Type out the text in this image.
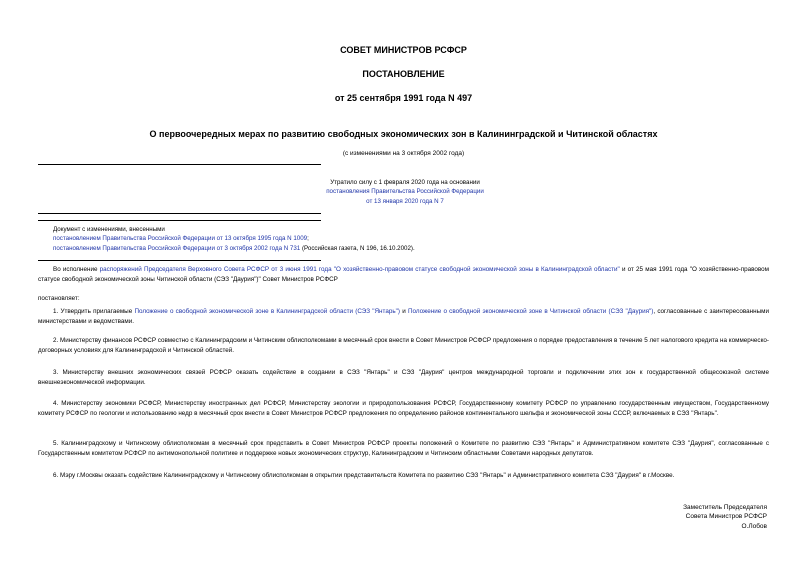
СОВЕТ МИНИСТРОВ РСФСР
ПОСТАНОВЛЕНИЕ
от 25 сентября 1991 года N 497
О первоочередных мерах по развитию свободных экономических зон в Калининградской и Читинской областях
(с изменениями на 3 октября 2002 года)
Утратило силу с 1 февраля 2020 года на основании
постановления Правительства Российской Федерации
от 13 января 2020 года N 7
Документ с изменениями, внесенными
постановлением Правительства Российской Федерации от 13 октября 1995 года N 1009;
постановлением Правительства Российской Федерации от 3 октября 2002 года N 731 (Российская газета, N 196, 16.10.2002).

Во исполнение распоряжений Председателя Верховного Совета РСФСР от 3 июня 1991 года "О хозяйственно-правовом статусе свободной экономической зоны в Калининградской области" и от 25 мая 1991 года "О хозяйственно-правовом статусе свободной экономической зоны Читинской области (СЭЗ "Даурия")" Совет Министров РСФСР

постановляет:

1. Утвердить прилагаемые Положение о свободной экономической зоне в Калининградской области (СЭЗ "Янтарь") и Положение о свободной экономической зоне в Читинской области (СЭЗ "Даурия"), согласованные с заинтересованными министерствами и ведомствами.

2. Министерству финансов РСФСР совместно с Калининградским и Читинским облисполкомами в месячный срок внести в Совет Министров РСФСР предложения о порядке предоставления в течение 5 лет налогового кредита на коммерческо-договорных условиях для Калининградской и Читинской областей.

3. Министерству внешних экономических связей РСФСР оказать содействие в создании в СЭЗ "Янтарь" и СЭЗ "Даурия" центров международной торговли и подключении этих зон к государственной общесоюзной системе внешнеэкономической информации.

4. Министерству экономики РСФСР, Министерству иностранных дел РСФСР, Министерству экологии и природопользования РСФСР, Государственному комитету РСФСР по управлению государственным имуществом, Государственному комитету РСФСР по геологии и использованию недр в месячный срок внести в Совет Министров РСФСР предложения по определению районов континентального шельфа и экономической зоны СССР, включаемых в СЭЗ "Янтарь".

5. Калининградскому и Читинскому облисполкомам в месячный срок представить в Совет Министров РСФСР проекты положений о Комитете по развитию СЭЗ "Янтарь" и Административном комитете СЭЗ "Даурия", согласованные с Государственным комитетом РСФСР по антимонопольной политике и поддержке новых экономических структур, Калининградским и Читинским областными Советами народных депутатов.

6. Мэру г.Москвы оказать содействие Калининградскому и Читинскому облисполкомам в открытии представительств Комитета по развитию СЭЗ "Янтарь" и Административного комитета СЭЗ "Даурия" в г.Москве.

Заместитель Председателя
Совета Министров РСФСР
О.Лобов
